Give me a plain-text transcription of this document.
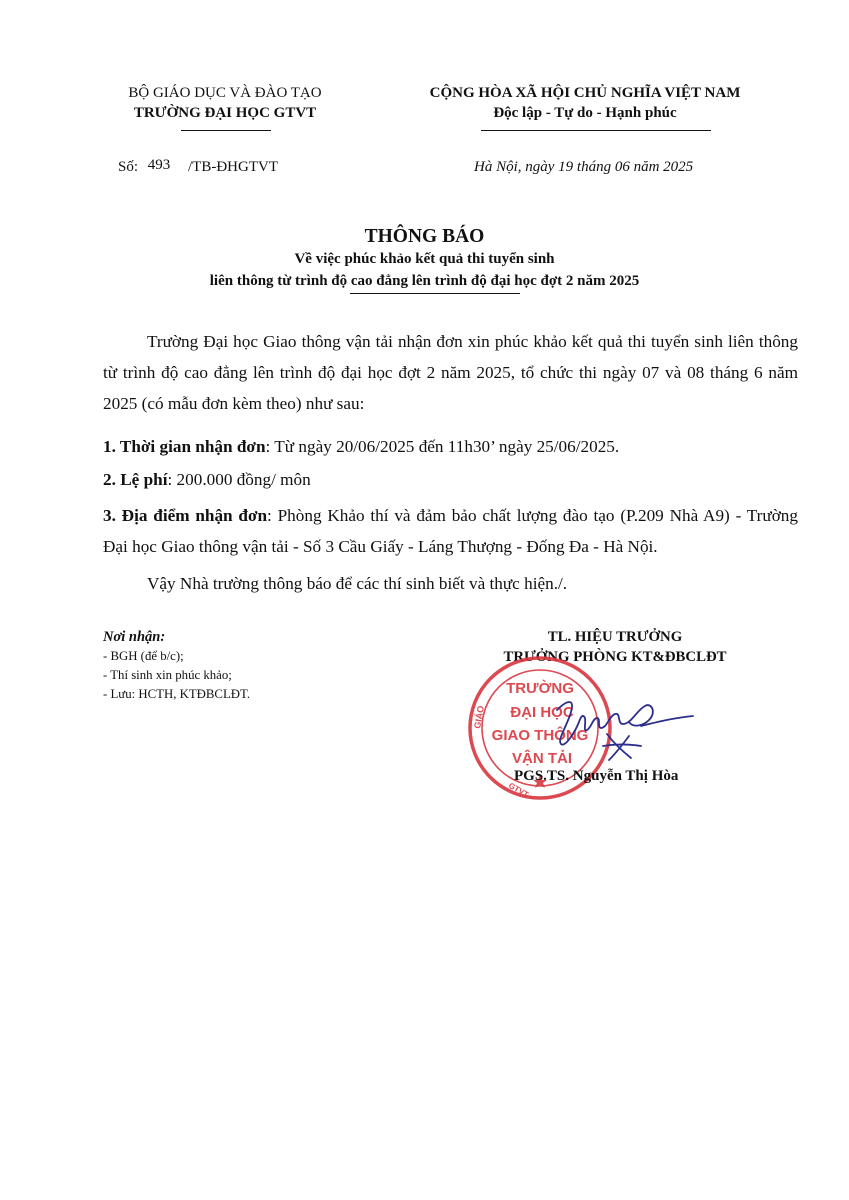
BỘ GIÁO DỤC VÀ ĐÀO TẠO
TRƯỜNG ĐẠI HỌC GTVT
CỘNG HÒA XÃ HỘI CHỦ NGHĨA VIỆT NAM
Độc lập - Tự do - Hạnh phúc
Số: 493 /TB-ĐHGTVT	Hà Nội, ngày 19 tháng 06 năm 2025
THÔNG BÁO
Về việc phúc khảo kết quả thi tuyển sinh
liên thông từ trình độ cao đẳng lên trình độ đại học đợt 2 năm 2025
Trường Đại học Giao thông vận tải nhận đơn xin phúc khảo kết quả thi tuyển sinh liên thông từ trình độ cao đẳng lên trình độ đại học đợt 2 năm 2025, tổ chức thi ngày 07 và 08 tháng 6 năm 2025 (có mẫu đơn kèm theo) như sau:
1. Thời gian nhận đơn: Từ ngày 20/06/2025 đến 11h30’ ngày 25/06/2025.
2. Lệ phí: 200.000 đồng/ môn
3. Địa điểm nhận đơn: Phòng Khảo thí và đảm bảo chất lượng đào tạo (P.209 Nhà A9) - Trường Đại học Giao thông vận tải - Số 3 Cầu Giấy - Láng Thượng - Đống Đa - Hà Nội.
Vậy Nhà trường thông báo để các thí sinh biết và thực hiện./.
Nơi nhận:
- BGH (để b/c);
- Thí sinh xin phúc khảo;
- Lưu: HCTH, KTĐBCLĐT.
TL. HIỆU TRƯỞNG
TRƯỞNG PHÒNG KT&ĐBCLĐT
TRƯỜNG
ĐẠI HỌC
GIAO THÔNG
VẬN TẢI
GIÁO
GTVT
PGS.TS. Nguyễn Thị Hòa
